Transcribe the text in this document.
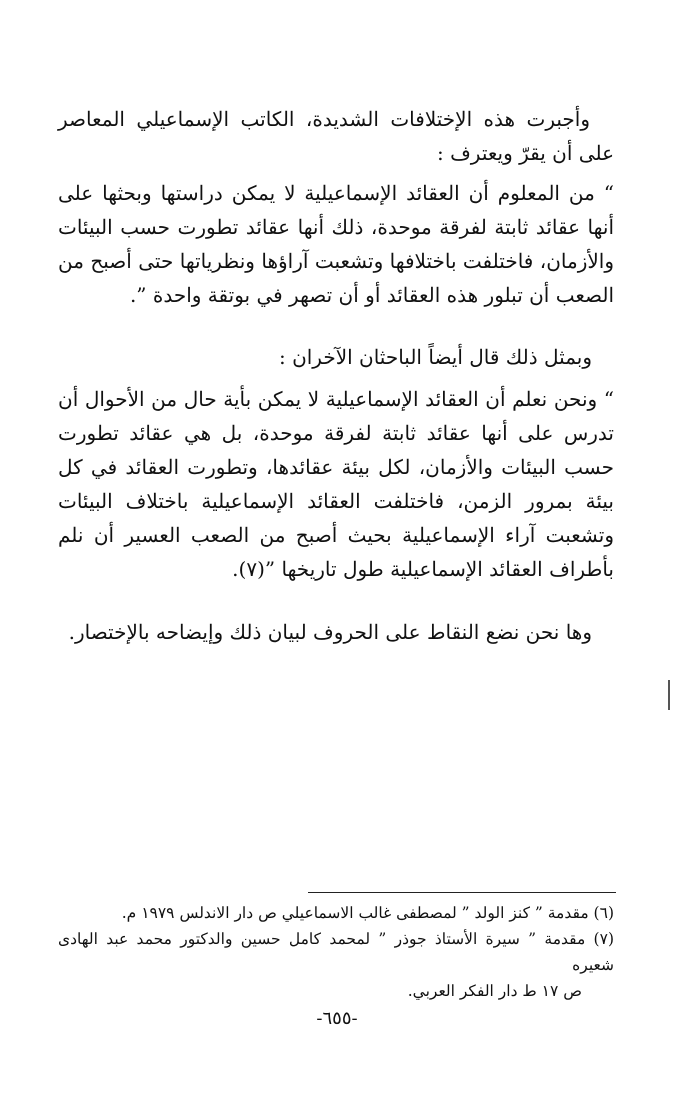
وأجبرت هذه الإختلافات الشديدة، الكاتب الإسماعيلي المعاصر على أن يقرّ ويعترف :

“ من المعلوم أن العقائد الإسماعيلية لا يمكن دراستها وبحثها على أنها عقائد ثابتة لفرقة موحدة، ذلك أنها عقائد تطورت حسب البيئات والأزمان، فاختلفت باختلافها وتشعبت آراؤها ونظرياتها حتى أصبح من الصعب أن تبلور هذه العقائد أو أن تصهر في بوتقة واحدة ”.

وبمثل ذلك قال أيضاً الباحثان الآخران :

“ ونحن نعلم أن العقائد الإسماعيلية لا يمكن بأية حال من الأحوال أن تدرس على أنها عقائد ثابتة لفرقة موحدة، بل هي عقائد تطورت حسب البيئات والأزمان، لكل بيئة عقائدها، وتطورت العقائد في كل بيئة بمرور الزمن، فاختلفت العقائد الإسماعيلية باختلاف البيئات وتشعبت آراء الإسماعيلية بحيث أصبح من الصعب العسير أن نلم بأطراف العقائد الإسماعيلية طول تاريخها ”(٧).

وها نحن نضع النقاط على الحروف لبيان ذلك وإيضاحه بالإختصار.

(٦) مقدمة ” كنز الولد ” لمصطفى غالب الاسماعيلي ص دار الاندلس ١٩٧٩ م.

(٧) مقدمة ” سيرة الأستاذ جوذر ” لمحمد كامل حسين والدكتور محمد عبد الهادى شعيره

ص ١٧ ط دار الفكر العربي.

-٦٥٥-
